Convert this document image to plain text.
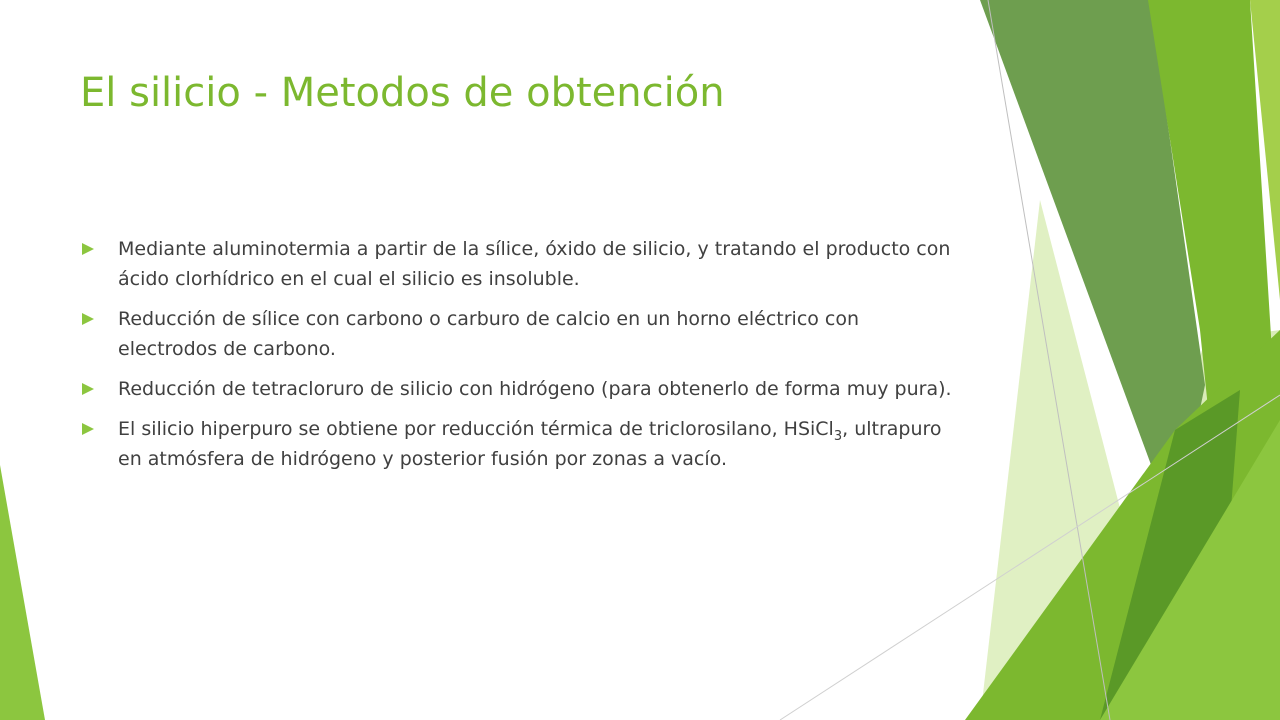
El silicio - Metodos de obtención
Mediante aluminotermia a partir de la sílice, óxido de silicio, y tratando el producto con ácido clorhídrico en el cual el silicio es insoluble.
Reducción de sílice con carbono o carburo de calcio en un horno eléctrico con electrodos de carbono.
Reducción de tetracloruro de silicio con hidrógeno (para obtenerlo de forma muy pura).
El silicio hiperpuro se obtiene por reducción térmica de triclorosilano, HSiCl$_3$, ultrapuro en atmósfera de hidrógeno y posterior fusión por zonas a vacío.
